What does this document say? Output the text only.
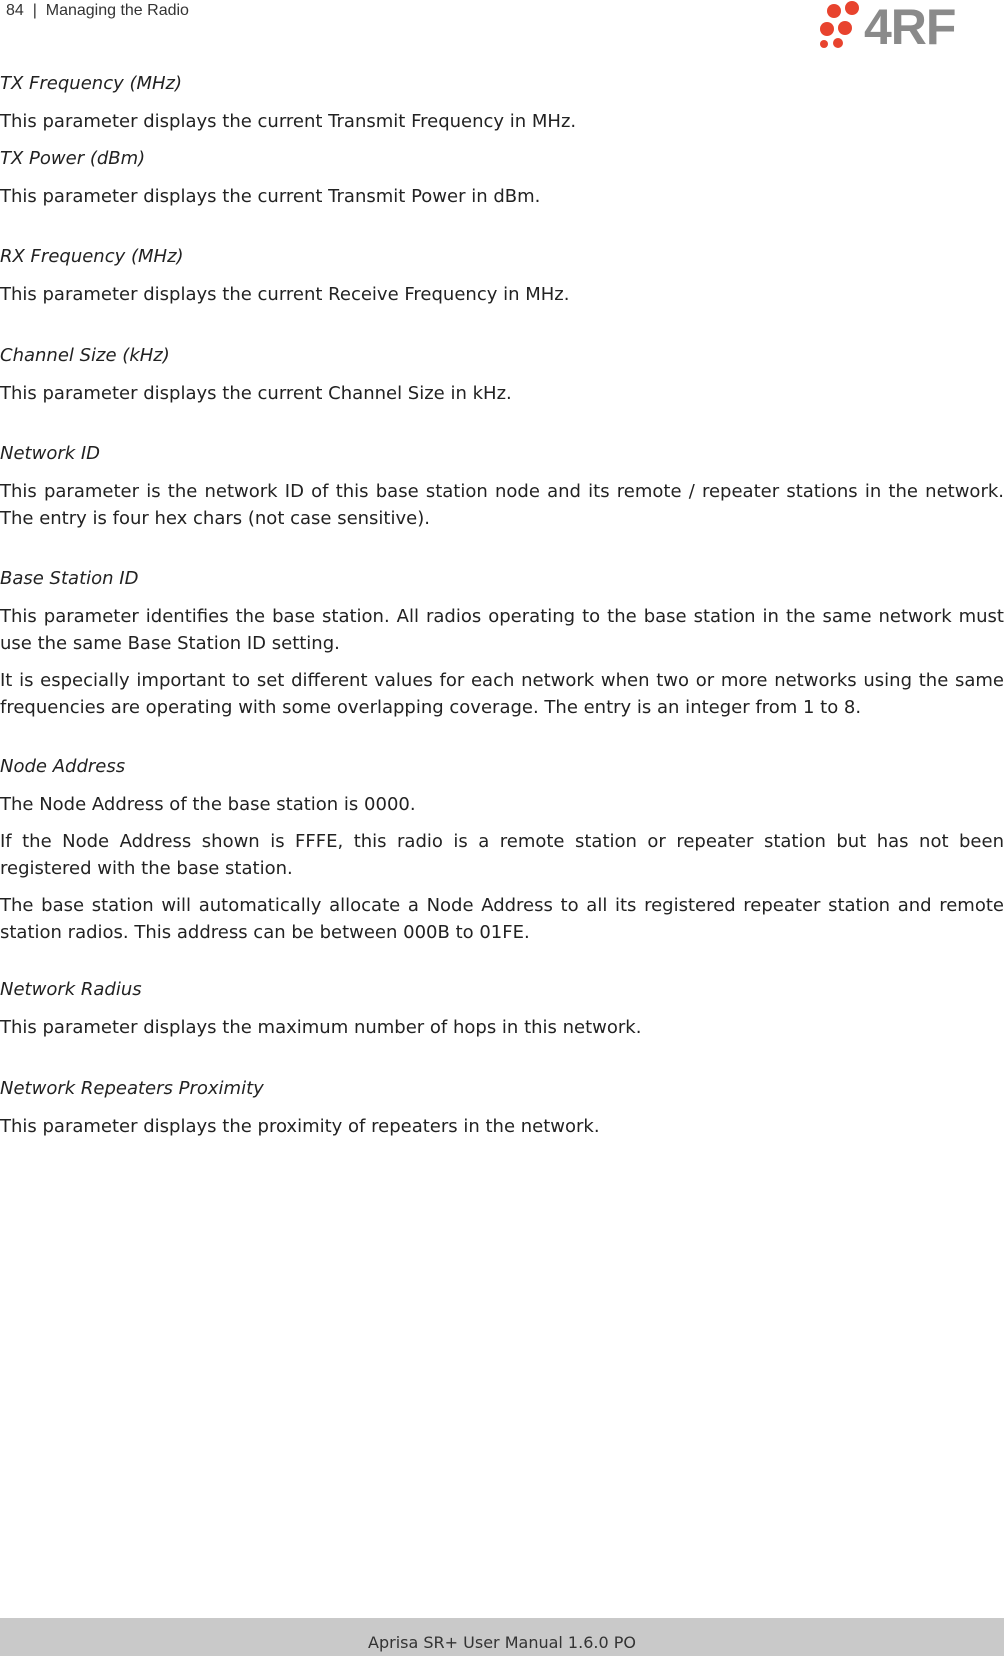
84 | Managing the Radio	4RF

TX Frequency (MHz)

This parameter displays the current Transmit Frequency in MHz.

TX Power (dBm)

This parameter displays the current Transmit Power in dBm.

RX Frequency (MHz)

This parameter displays the current Receive Frequency in MHz.

Channel Size (kHz)

This parameter displays the current Channel Size in kHz.

Network ID

This parameter is the network ID of this base station node and its remote / repeater stations in the network. The entry is four hex chars (not case sensitive).

Base Station ID

This parameter identifies the base station. All radios operating to the base station in the same network must use the same Base Station ID setting.

It is especially important to set different values for each network when two or more networks using the same frequencies are operating with some overlapping coverage. The entry is an integer from 1 to 8.

Node Address

The Node Address of the base station is 0000.

If the Node Address shown is FFFE, this radio is a remote station or repeater station but has not been registered with the base station.

The base station will automatically allocate a Node Address to all its registered repeater station and remote station radios. This address can be between 000B to 01FE.

Network Radius

This parameter displays the maximum number of hops in this network.

Network Repeaters Proximity

This parameter displays the proximity of repeaters in the network.

Aprisa SR+ User Manual 1.6.0 PO
